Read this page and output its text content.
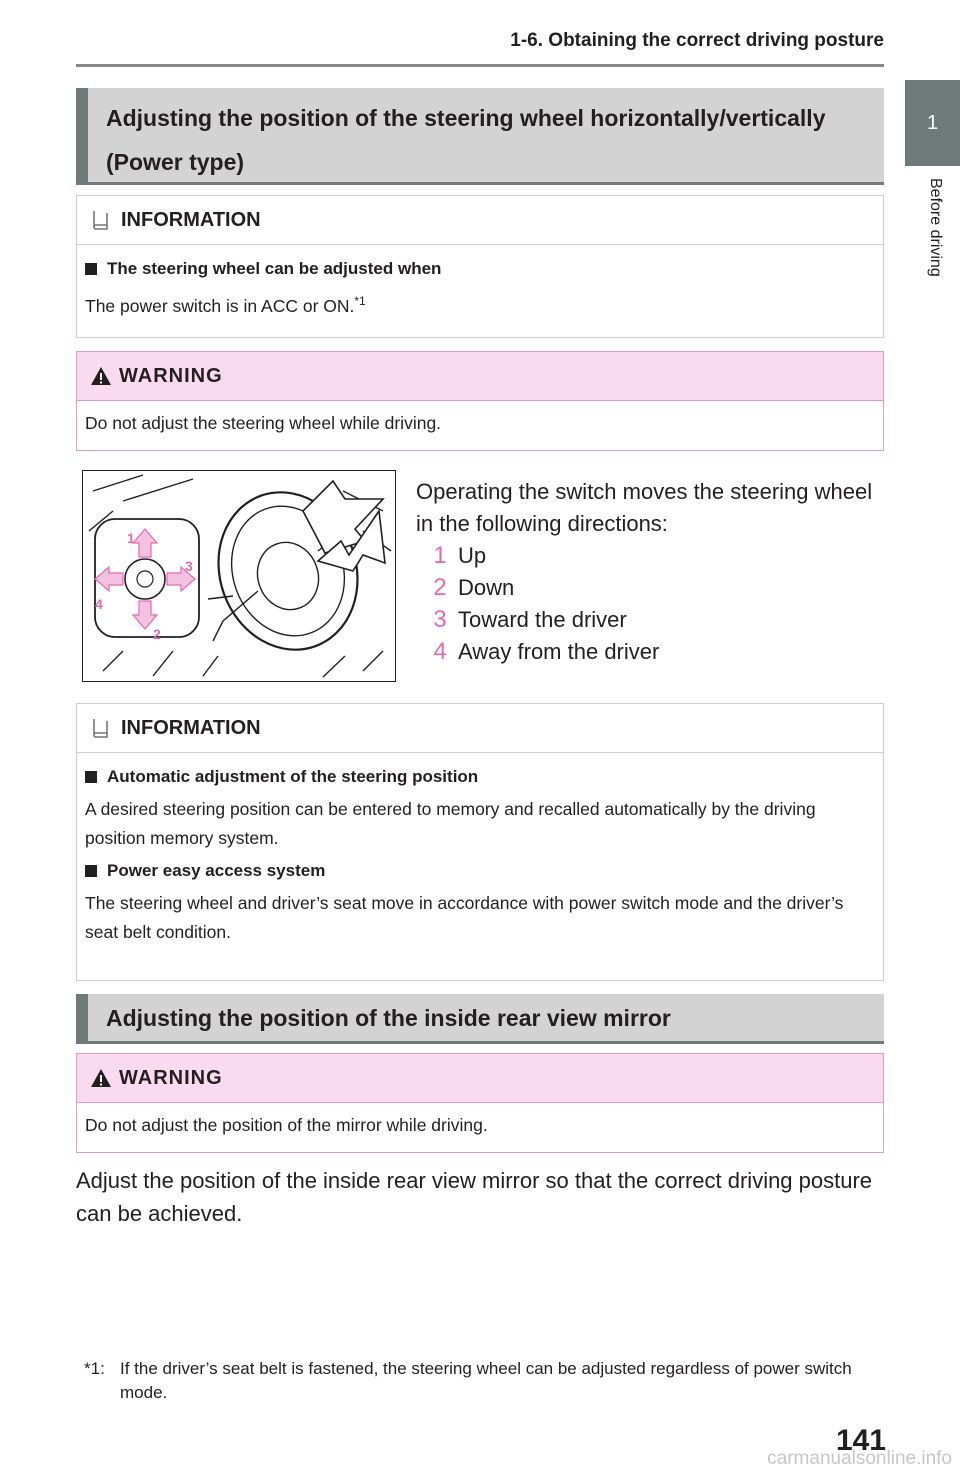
1-6. Obtaining the correct driving posture
1
Before driving
Adjusting the position of the steering wheel horizontally/vertically
(Power type)
INFORMATION
The steering wheel can be adjusted when

The power switch is in ACC or ON.$^{*1}$

WARNING

Do not adjust the steering wheel while driving.

1
2
3
4
Operating the switch moves the steering wheel in the following directions:
1 Up
2 Down
3 Toward the driver
4 Away from the driver
INFORMATION
Automatic adjustment of the steering position

A desired steering position can be entered to memory and recalled automatically by the driving position memory system.

Power easy access system

The steering wheel and driver’s seat move in accordance with power switch mode and the driver’s seat belt condition.

Adjusting the position of the inside rear view mirror
WARNING

Do not adjust the position of the mirror while driving.

Adjust the position of the inside rear view mirror so that the correct driving posture can be achieved.

*1: If the driver’s seat belt is fastened, the steering wheel can be adjusted regardless of power switch mode.
141
carmanualsonline.info
